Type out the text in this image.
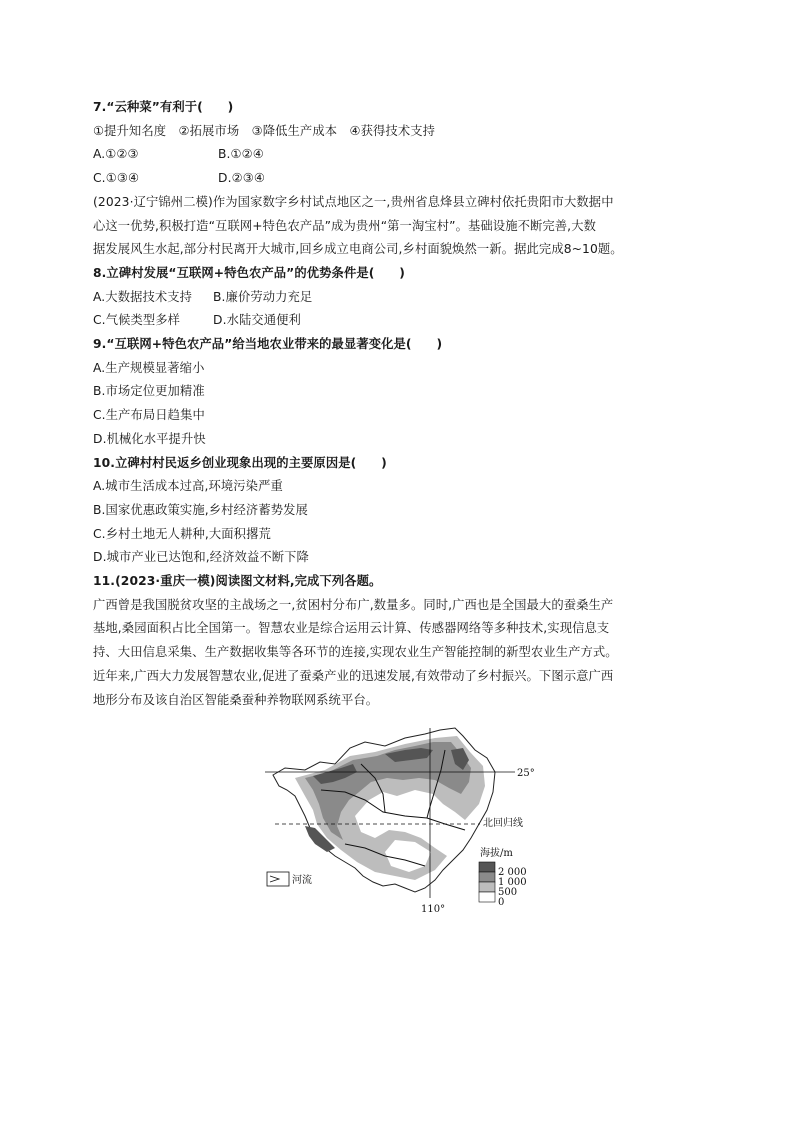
7.“云种菜”有利于(　　)
①提升知名度　②拓展市场　③降低生产成本　④获得技术支持
A.①②③	B.①②④
C.①③④	D.②③④
(2023·辽宁锦州二模)作为国家数字乡村试点地区之一,贵州省息烽县立碑村依托贵阳市大数据中
心这一优势,积极打造“互联网+特色农产品”成为贵州“第一淘宝村”。基础设施不断完善,大数
据发展风生水起,部分村民离开大城市,回乡成立电商公司,乡村面貌焕然一新。据此完成8~10题。
8.立碑村发展“互联网+特色农产品”的优势条件是(　　)
A.大数据技术支持	B.廉价劳动力充足
C.气候类型多样	D.水陆交通便利
9.“互联网+特色农产品”给当地农业带来的最显著变化是(　　)
A.生产规模显著缩小
B.市场定位更加精准
C.生产布局日趋集中
D.机械化水平提升快
10.立碑村村民返乡创业现象出现的主要原因是(　　)
A.城市生活成本过高,环境污染严重
B.国家优惠政策实施,乡村经济蓄势发展
C.乡村土地无人耕种,大面积撂荒
D.城市产业已达饱和,经济效益不断下降
11.(2023·重庆一模)阅读图文材料,完成下列各题。
广西曾是我国脱贫攻坚的主战场之一,贫困村分布广,数量多。同时,广西也是全国最大的蚕桑生产
基地,桑园面积占比全国第一。智慧农业是综合运用云计算、传感器网络等多种技术,实现信息支
持、大田信息采集、生产数据收集等各环节的连接,实现农业生产智能控制的新型农业生产方式。
近年来,广西大力发展智慧农业,促进了蚕桑产业的迅速发展,有效带动了乡村振兴。下图示意广西
地形分布及该自治区智能桑蚕种养物联网系统平台。
25°
北回归线
110°
河流
海拔/m
2 000
1 000
500
0
